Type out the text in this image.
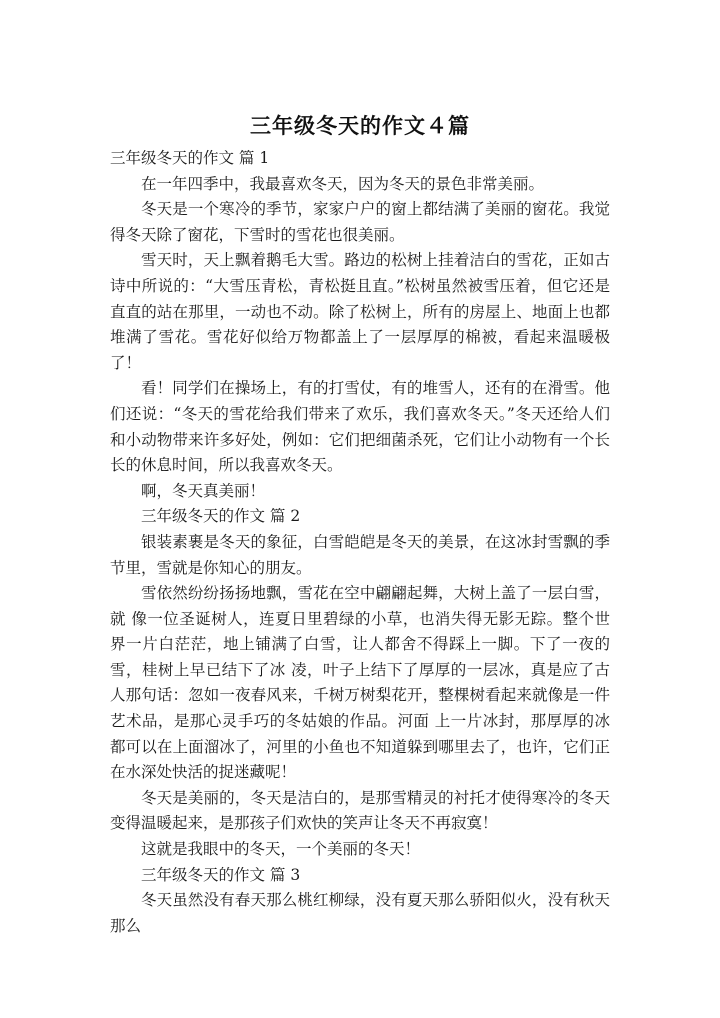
三年级冬天的作文４篇

三年级冬天的作文 篇 1

在一年四季中，我最喜欢冬天，因为冬天的景色非常美丽。

冬天是一个寒冷的季节，家家户户的窗上都结满了美丽的窗花。我觉得冬天除了窗花，下雪时的雪花也很美丽。

雪天时，天上飘着鹅毛大雪。路边的松树上挂着洁白的雪花，正如古诗中所说的：“大雪压青松，青松挺且直。”松树虽然被雪压着，但它还是直直的站在那里，一动也不动。除了松树上，所有的房屋上、地面上也都堆满了雪花。雪花好似给万物都盖上了一层厚厚的棉被，看起来温暖极了！

看！同学们在操场上，有的打雪仗，有的堆雪人，还有的在滑雪。他们还说：“冬天的雪花给我们带来了欢乐，我们喜欢冬天。”冬天还给人们和小动物带来许多好处，例如：它们把细菌杀死，它们让小动物有一个长长的休息时间，所以我喜欢冬天。

啊，冬天真美丽！

三年级冬天的作文 篇 2

银装素裹是冬天的象征，白雪皑皑是冬天的美景，在这冰封雪飘的季节里，雪就是你知心的朋友。

雪依然纷纷扬扬地飘，雪花在空中翩翩起舞，大树上盖了一层白雪，就 像一位圣诞树人，连夏日里碧绿的小草，也消失得无影无踪。整个世界一片白茫茫，地上铺满了白雪，让人都舍不得踩上一脚。下了一夜的雪，桂树上早已结下了冰 凌，叶子上结下了厚厚的一层冰，真是应了古人那句话：忽如一夜春风来，千树万树梨花开，整棵树看起来就像是一件艺术品，是那心灵手巧的冬姑娘的作品。河面 上一片冰封，那厚厚的冰都可以在上面溜冰了，河里的小鱼也不知道躲到哪里去了，也许，它们正在水深处快活的捉迷藏呢！

冬天是美丽的，冬天是洁白的，是那雪精灵的衬托才使得寒冷的冬天变得温暖起来，是那孩子们欢快的笑声让冬天不再寂寞！

这就是我眼中的冬天，一个美丽的冬天！

三年级冬天的作文 篇 3

冬天虽然没有春天那么桃红柳绿，没有夏天那么骄阳似火，没有秋天那么
